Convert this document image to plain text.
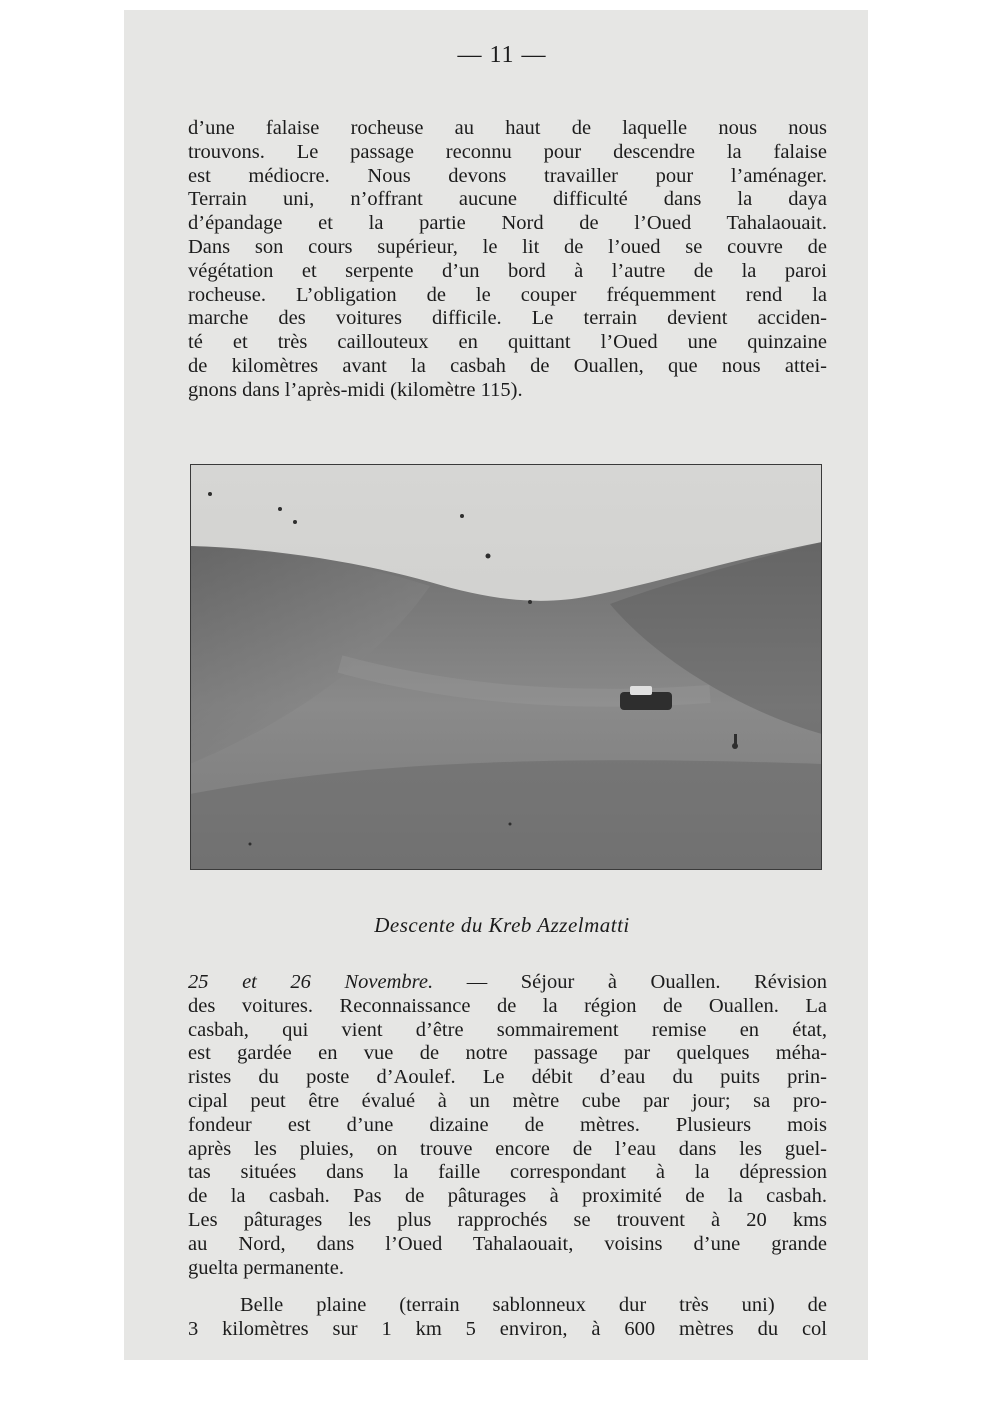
— 11 —
d’une falaise rocheuse au haut de laquelle nous nous
trouvons. Le passage reconnu pour descendre la falaise
est médiocre. Nous devons travailler pour l’aménager.
Terrain uni, n’offrant aucune difficulté dans la daya
d’épandage et la partie Nord de l’Oued Tahalaouait.
Dans son cours supérieur, le lit de l’oued se couvre de
végétation et serpente d’un bord à l’autre de la paroi
rocheuse. L’obligation de le couper fréquemment rend la
marche des voitures difficile. Le terrain devient acciden-
té et très caillouteux en quittant l’Oued une quinzaine
de kilomètres avant la casbah de Ouallen, que nous attei-
gnons dans l’après-midi (kilomètre 115).
Descente du Kreb Azzelmatti
25 et 26 Novembre. — Séjour à Ouallen. Révision
des voitures. Reconnaissance de la région de Ouallen. La
casbah, qui vient d’être sommairement remise en état,
est gardée en vue de notre passage par quelques méha-
ristes du poste d’Aoulef. Le débit d’eau du puits prin-
cipal peut être évalué à un mètre cube par jour; sa pro-
fondeur est d’une dizaine de mètres. Plusieurs mois
après les pluies, on trouve encore de l’eau dans les guel-
tas situées dans la faille correspondant à la dépression
de la casbah. Pas de pâturages à proximité de la casbah.
Les pâturages les plus rapprochés se trouvent à 20 kms
au Nord, dans l’Oued Tahalaouait, voisins d’une grande
guelta permanente.
Belle plaine (terrain sablonneux dur très uni) de
3 kilomètres sur 1 km 5 environ, à 600 mètres du col
